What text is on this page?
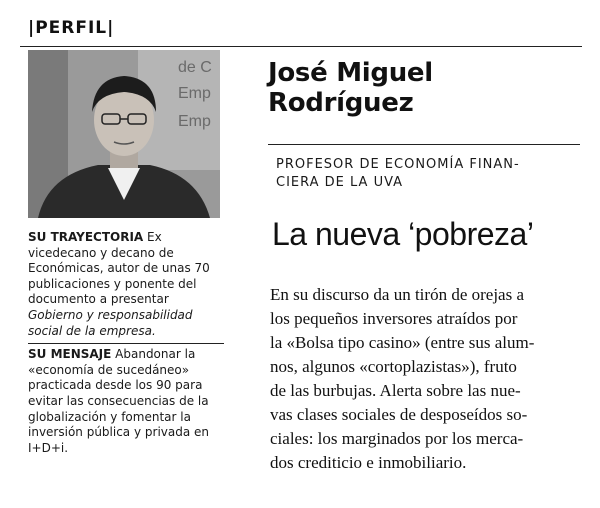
|PERFIL|
de C
Emp
Emp

SU TRAYECTORIA Ex vicedecano y decano de Económicas, autor de unas 70 publicaciones y ponente del documento a presentar Gobierno y responsabilidad social de la empresa.

SU MENSAJE Abandonar la «economía de sucedáneo» practicada desde los 90 para evitar las consecuencias de la globalización y fomentar la inversión pública y privada en I+D+i.

José Miguel
Rodríguez
PROFESOR DE ECONOMÍA FINAN-
CIERA DE LA UVA
La nueva ‘pobreza’
En su discurso da un tirón de orejas a
los pequeños inversores atraídos por
la «Bolsa tipo casino» (entre sus alum-
nos, algunos «cortoplazistas»), fruto
de las burbujas. Alerta sobre las nue-
vas clases sociales de desposeídos so-
ciales: los marginados por los merca-
dos crediticio e inmobiliario.
